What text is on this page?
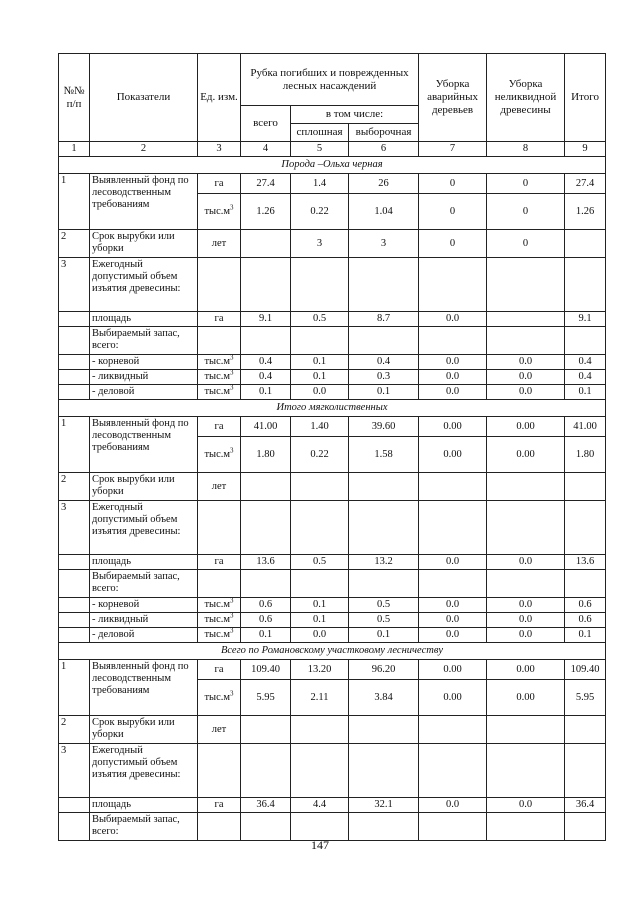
№№ п/п	Показатели	Ед. изм.	Рубка погибших и поврежденных лесных насаждений			Уборка аварийных деревьев	Уборка неликвидной древесины	Итого
			всего	в том числе:				
				сплошная	выборочная			
1	2	3	4	5	6	7	8	9
Порода –Ольха черная								
1	Выявленный фонд по лесоводственным требованиям	га	27.4	1.4	26	0	0	27.4
		$тыс.м^3$	1.26	0.22	1.04	0	0	1.26
2	Срок вырубки или уборки	лет		3	3	0	0	
3	Ежегодный допустимый объем изъятия древесины:							
	площадь	га	9.1	0.5	8.7	0.0		9.1
	Выбираемый запас, всего:							
	- корневой	$тыс.м^3$	0.4	0.1	0.4	0.0	0.0	0.4
	- ликвидный	$тыс.м^3$	0.4	0.1	0.3	0.0	0.0	0.4
	- деловой	$тыс.м^3$	0.1	0.0	0.1	0.0	0.0	0.1
Итого мягколиственных								
1	Выявленный фонд по лесоводственным требованиям	га	41.00	1.40	39.60	0.00	0.00	41.00
		$тыс.м^3$	1.80	0.22	1.58	0.00	0.00	1.80
2	Срок вырубки или уборки	лет						
3	Ежегодный допустимый объем изъятия древесины:							
	площадь	га	13.6	0.5	13.2	0.0	0.0	13.6
	Выбираемый запас, всего:							
	- корневой	$тыс.м^3$	0.6	0.1	0.5	0.0	0.0	0.6
	- ликвидный	$тыс.м^3$	0.6	0.1	0.5	0.0	0.0	0.6
	- деловой	$тыс.м^3$	0.1	0.0	0.1	0.0	0.0	0.1
Всего по Романовскому участковому лесничеству								
1	Выявленный фонд по лесоводственным требованиям	га	109.40	13.20	96.20	0.00	0.00	109.40
		$тыс.м^3$	5.95	2.11	3.84	0.00	0.00	5.95
2	Срок вырубки или уборки	лет						
3	Ежегодный допустимый объем изъятия древесины:							
	площадь	га	36.4	4.4	32.1	0.0	0.0	36.4
	Выбираемый запас, всего:							
147
